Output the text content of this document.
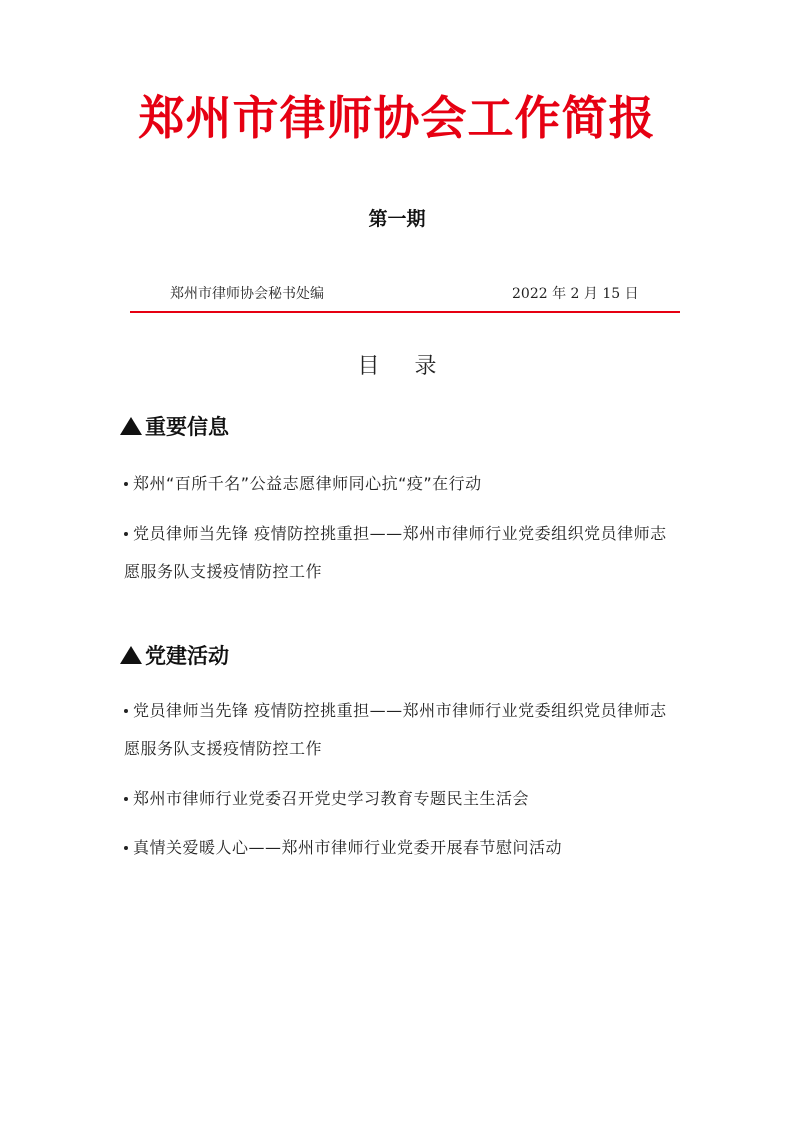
郑州市律师协会工作简报
第一期
郑州市律师协会秘书处编	2022 年 2 月 15 日
目 录
重要信息
郑州“百所千名”公益志愿律师同心抗“疫”在行动
党员律师当先锋 疫情防控挑重担——郑州市律师行业党委组织党员律师志愿服务队支援疫情防控工作
党建活动
党员律师当先锋 疫情防控挑重担——郑州市律师行业党委组织党员律师志愿服务队支援疫情防控工作
郑州市律师行业党委召开党史学习教育专题民主生活会
真情关爱暖人心——郑州市律师行业党委开展春节慰问活动
